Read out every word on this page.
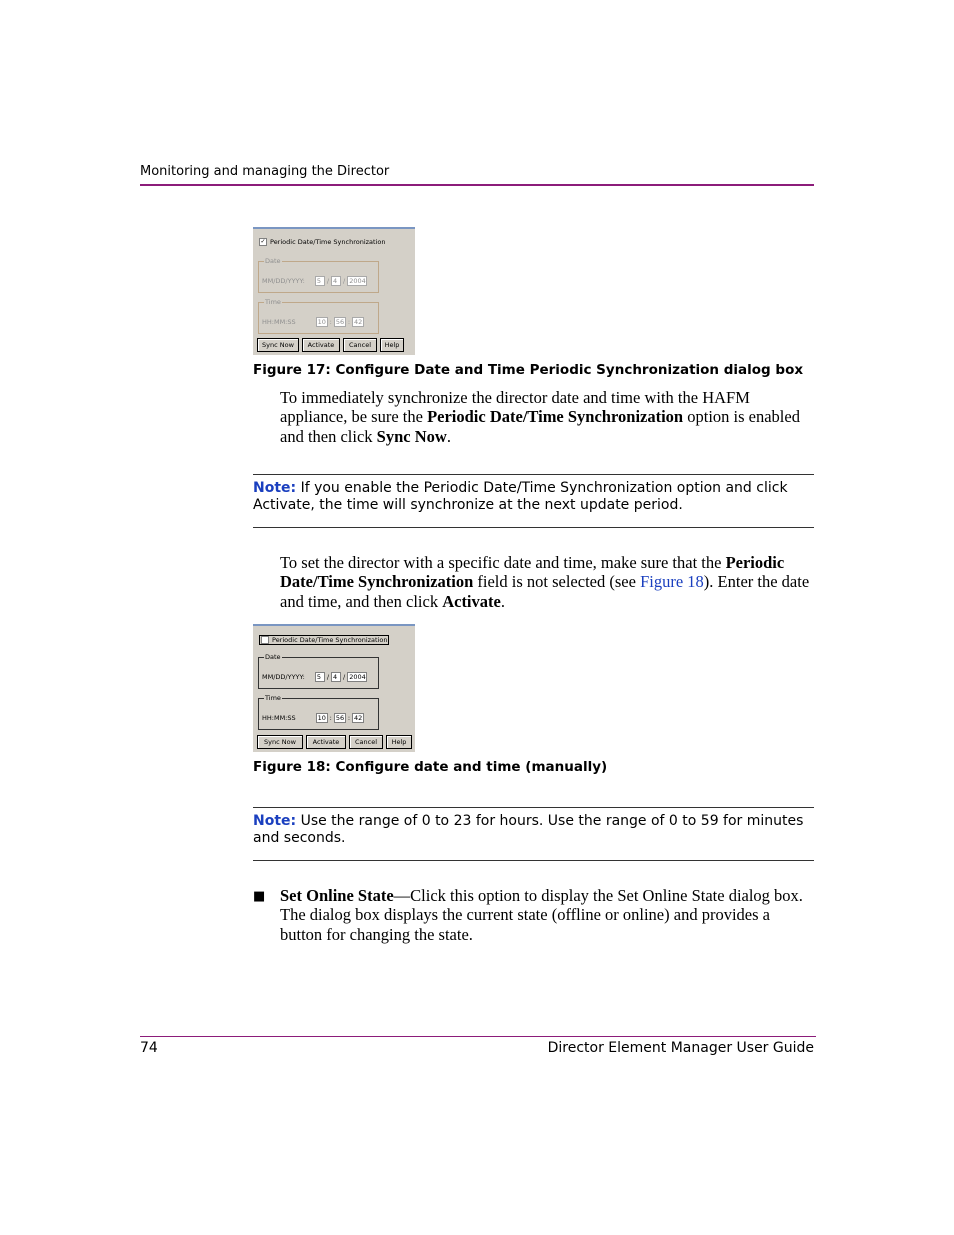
Monitoring and managing the Director
✓ Periodic Date/Time Synchronization
Date
MM/DD/YYYY:	5 / 4 / 2004
Time
HH:MM:SS	10 : 56 : 42
Sync Now	Activate	Cancel	Help
Figure 17: Configure Date and Time Periodic Synchronization dialog box
To immediately synchronize the director date and time with the HAFM appliance, be sure the Periodic Date/Time Synchronization option is enabled and then click Sync Now.
Note: If you enable the Periodic Date/Time Synchronization option and click Activate, the time will synchronize at the next update period.
To set the director with a specific date and time, make sure that the Periodic Date/Time Synchronization field is not selected (see Figure 18). Enter the date and time, and then click Activate.
Periodic Date/Time Synchronization
Date
MM/DD/YYYY:	5 / 4 / 2004
Time
HH:MM:SS	10 : 56 : 42
Sync Now	Activate	Cancel	Help
Figure 18: Configure date and time (manually)
Note: Use the range of 0 to 23 for hours. Use the range of 0 to 59 for minutes and seconds.
■ Set Online State—Click this option to display the Set Online State dialog box. The dialog box displays the current state (offline or online) and provides a button for changing the state.
74	Director Element Manager User Guide
